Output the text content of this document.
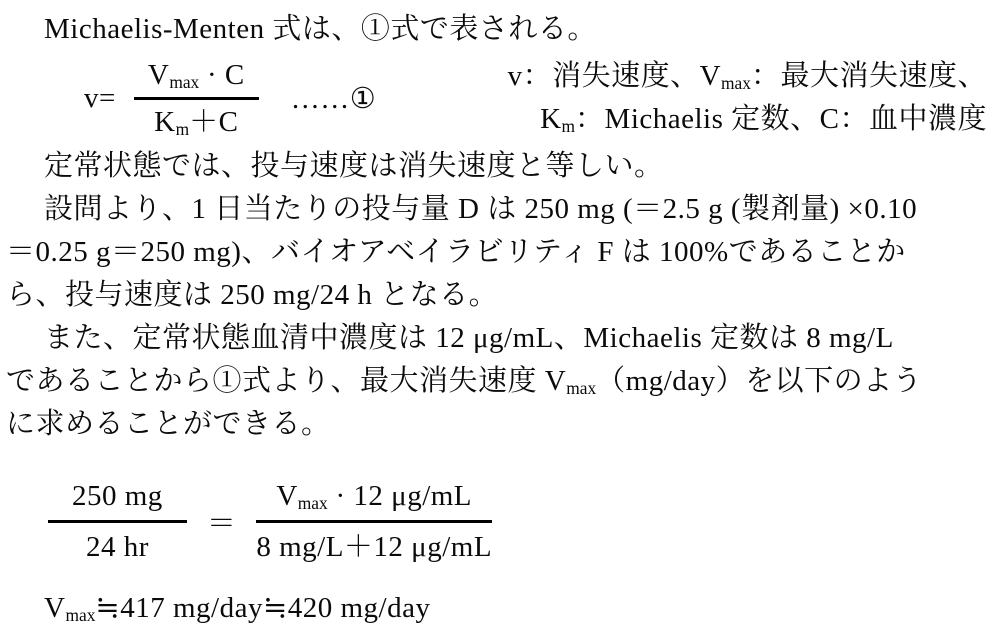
Michaelis-Menten 式は、①式で表される。
$v= \frac{V_{max} \cdot C}{K_m+C}$ ……①
v：消失速度、$V_{max}$：最大消失速度、
$K_m$：Michaelis 定数、C：血中濃度
定常状態では、投与速度は消失速度と等しい。
設問より、1 日当たりの投与量 D は 250 mg (＝2.5 g (製剤量) ×0.10
＝0.25 g＝250 mg)、バイオアベイラビリティ F は 100%であることか
ら、投与速度は 250 mg/24 h となる。
また、定常状態血清中濃度は 12 μg/mL、Michaelis 定数は 8 mg/L
であることから①式より、最大消失速度 $V_{max}(mg/day)$を以下のよう
に求めることができる。
$\frac{250 mg}{24 hr} = \frac{V_{max} \cdot 12 \mu g/mL}{8 mg/L+12 \mu g/mL}$
$V_{max}≒417$ mg/day≒420 mg/day
